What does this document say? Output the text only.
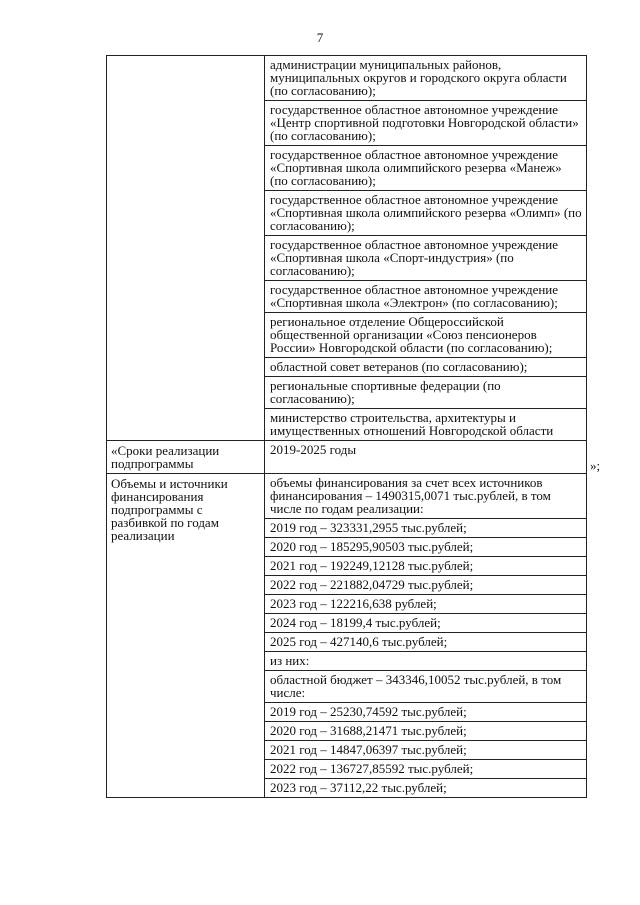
7
администрации муниципальных районов, муниципальных округов и городского округа области (по согласованию);
государственное областное автономное учреждение «Центр спортивной подготовки Новгородской области» (по согласованию);
государственное областное автономное учреждение «Спортивная школа олимпийского резерва «Манеж» (по согласованию);
государственное областное автономное учреждение «Спортивная школа олимпийского резерва «Олимп» (по согласованию);
государственное областное автономное учреждение «Спортивная школа «Спорт-индустрия» (по согласованию);
государственное областное автономное учреждение «Спортивная школа «Электрон» (по согласованию);
региональное отделение Общероссийской общественной организации «Союз пенсионеров России» Новгородской области (по согласованию);
областной совет ветеранов (по согласованию);
региональные спортивные федерации (по согласованию);
министерство строительства, архитектуры и имущественных отношений Новгородской области
«Сроки реализации подпрограммы
2019-2025 годы
Объемы и источники финансирования подпрограммы с разбивкой по годам реализации
объемы финансирования за счет всех источников финансирования – 1490315,0071 тыс.рублей, в том числе по годам реализации:
2019 год – 323331,2955 тыс.рублей;
2020 год – 185295,90503 тыс.рублей;
2021 год – 192249,12128 тыс.рублей;
2022 год – 221882,04729 тыс.рублей;
2023 год – 122216,638 рублей;
2024 год – 18199,4 тыс.рублей;
2025 год – 427140,6 тыс.рублей;
из них:
областной бюджет – 343346,10052 тыс.рублей, в том числе:
2019 год – 25230,74592 тыс.рублей;
2020 год – 31688,21471 тыс.рублей;
2021 год – 14847,06397 тыс.рублей;
2022 год – 136727,85592 тыс.рублей;
2023 год – 37112,22 тыс.рублей;
»;
